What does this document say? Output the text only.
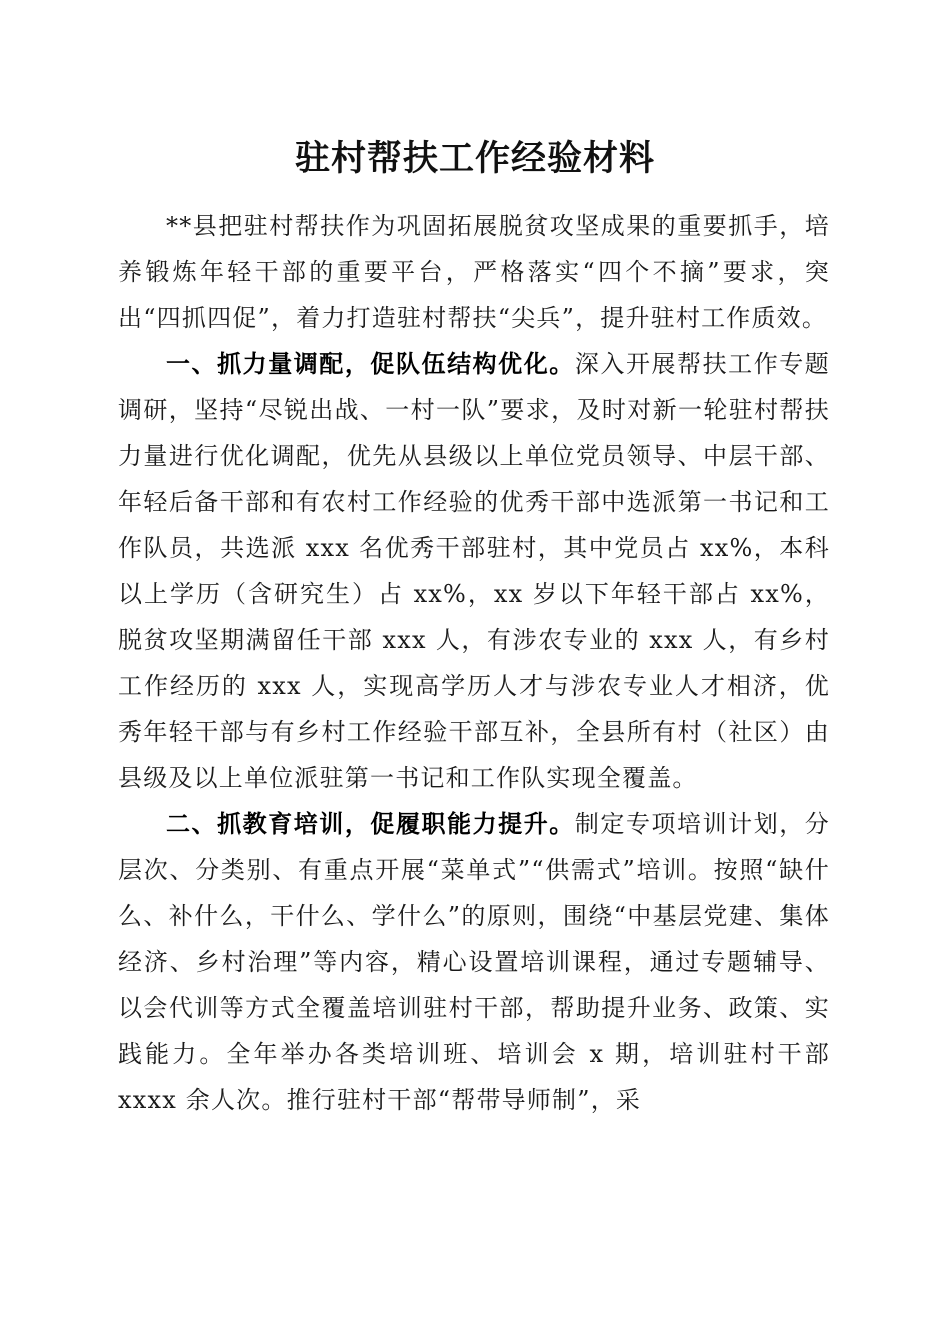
驻村帮扶工作经验材料

**县把驻村帮扶作为巩固拓展脱贫攻坚成果的重要抓手，培养锻炼年轻干部的重要平台，严格落实“四个不摘”要求，突出“四抓四促”，着力打造驻村帮扶“尖兵”，提升驻村工作质效。

一、抓力量调配，促队伍结构优化。深入开展帮扶工作专题调研，坚持“尽锐出战、一村一队”要求，及时对新一轮驻村帮扶力量进行优化调配，优先从县级以上单位党员领导、中层干部、年轻后备干部和有农村工作经验的优秀干部中选派第一书记和工作队员，共选派 xxx 名优秀干部驻村，其中党员占 xx%，本科以上学历（含研究生）占 xx%，xx 岁以下年轻干部占 xx%，脱贫攻坚期满留任干部 xxx 人，有涉农专业的 xxx 人，有乡村工作经历的 xxx 人，实现高学历人才与涉农专业人才相济，优秀年轻干部与有乡村工作经验干部互补，全县所有村（社区）由县级及以上单位派驻第一书记和工作队实现全覆盖。

二、抓教育培训，促履职能力提升。制定专项培训计划，分层次、分类别、有重点开展“菜单式”“供需式”培训。按照“缺什么、补什么，干什么、学什么”的原则，围绕“中基层党建、集体经济、乡村治理”等内容，精心设置培训课程，通过专题辅导、以会代训等方式全覆盖培训驻村干部，帮助提升业务、政策、实践能力。全年举办各类培训班、培训会 x 期，培训驻村干部 xxxx 余人次。推行驻村干部“帮带导师制”，采
